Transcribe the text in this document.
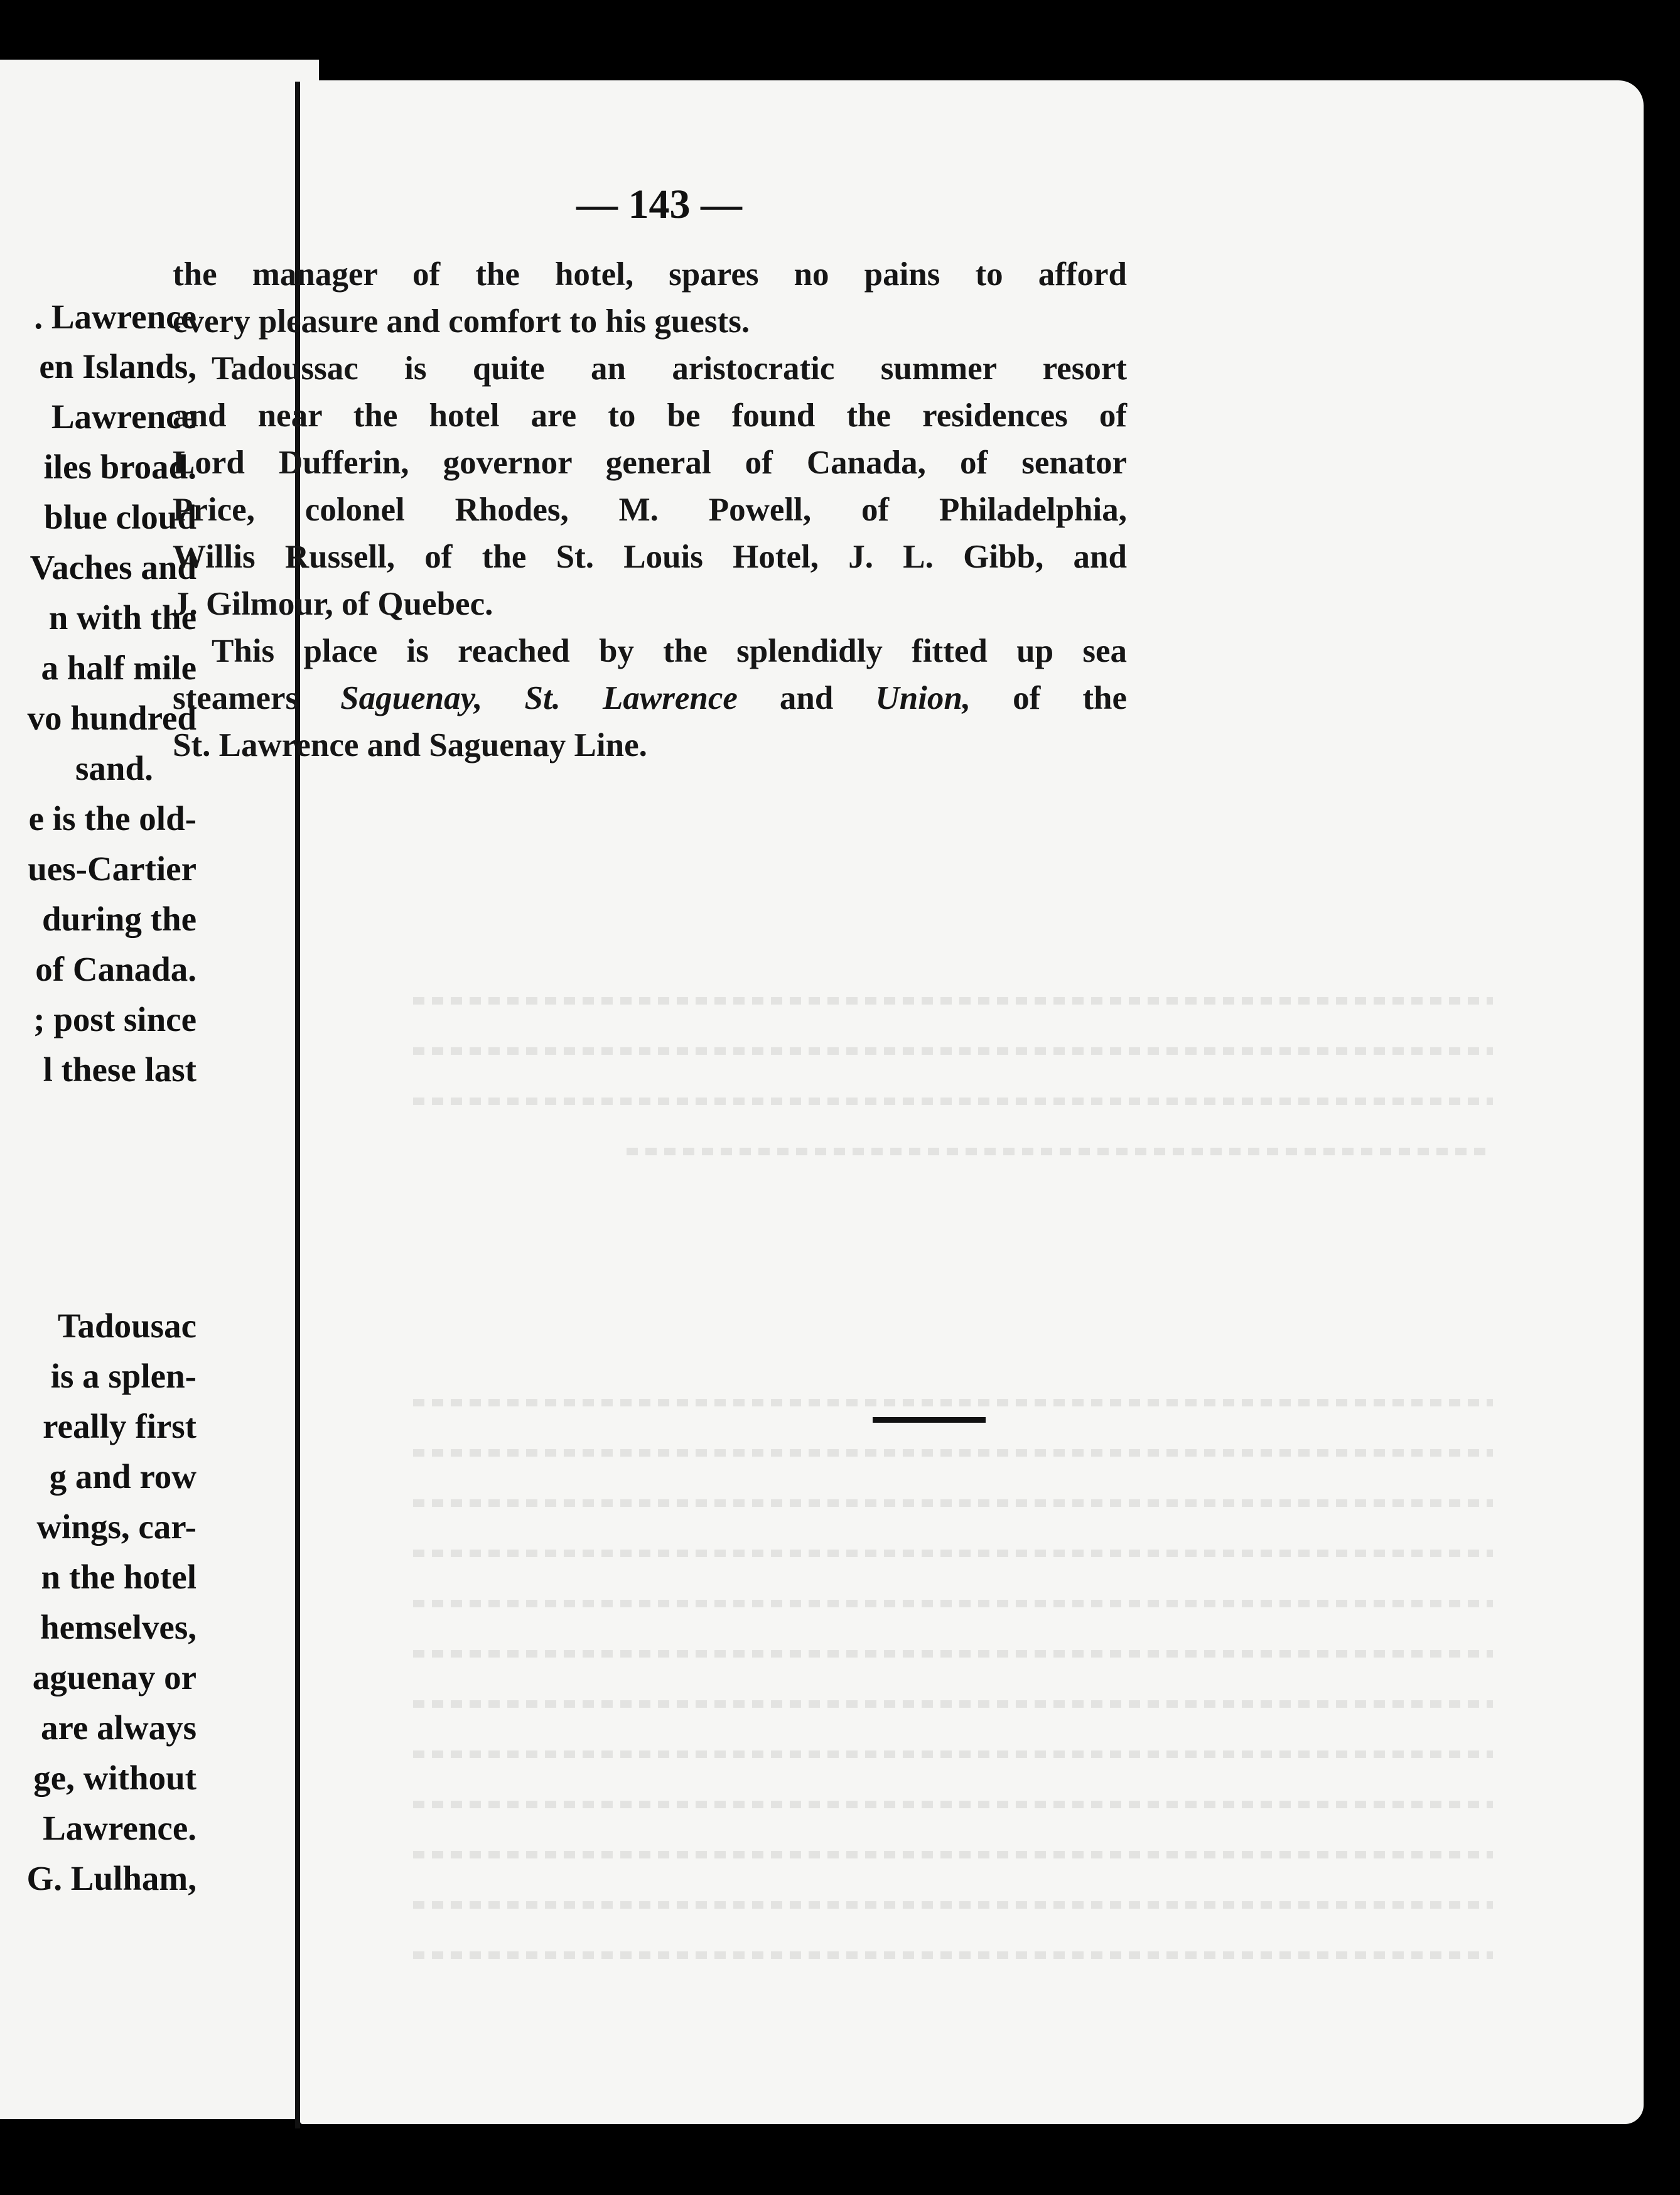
. Lawrence
en Islands,
Lawrence
iles broad.
blue cloud
Vaches and
n with the
a half mile
vo hundred
sand.
e is the old-
ues-Cartier
during the
of Canada.
; post since
l these last
Tadousac
is a splen-
really first
g and row
wings, car-
n the hotel
hemselves,
aguenay or
are always
ge, without
Lawrence.
G. Lulham,
— 143 —
the manager of the hotel, spares no pains to afford
every pleasure and comfort to his guests.
Tadoussac is quite an aristocratic summer resort
and near the hotel are to be found the residences of
Lord Dufferin, governor general of Canada, of senator
Price, colonel Rhodes, M. Powell, of Philadelphia,
Willis Russell, of the St. Louis Hotel, J. L. Gibb, and
J. Gilmour, of Quebec.
This place is reached by the splendidly fitted up sea
steamers Saguenay, St. Lawrence and Union, of the
St. Lawrence and Saguenay Line.
